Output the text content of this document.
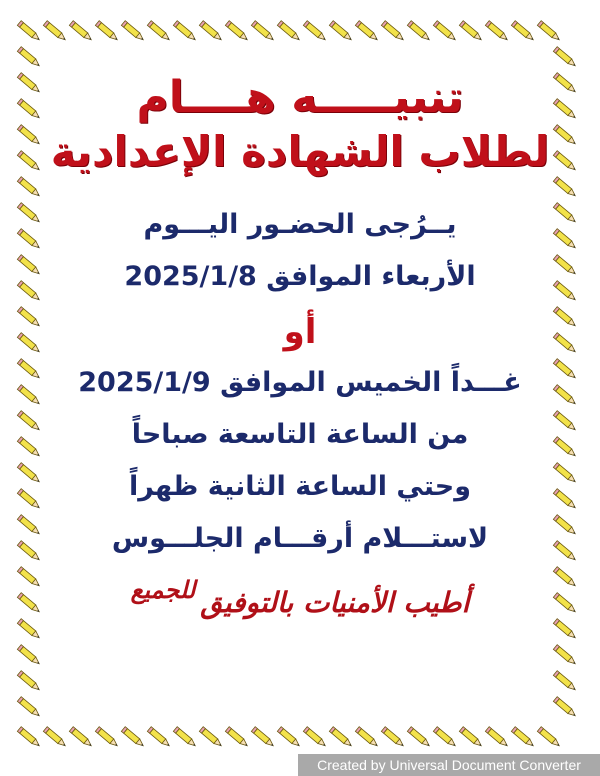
تنبيـــــه هــــام
لطلاب الشهادة الإعدادية
يــرُجى الحضـور اليـــوم
الأربعاء الموافق 2025/1/8
أو
غـــداً الخميس الموافق 2025/1/9
من الساعة التاسعة صباحاً
وحتي الساعة الثانية ظهراً
لاستـــلام أرقـــام الجلـــوس
أطيب الأمنيات بالتوفيق للجميع
Created by Universal Document Converter
